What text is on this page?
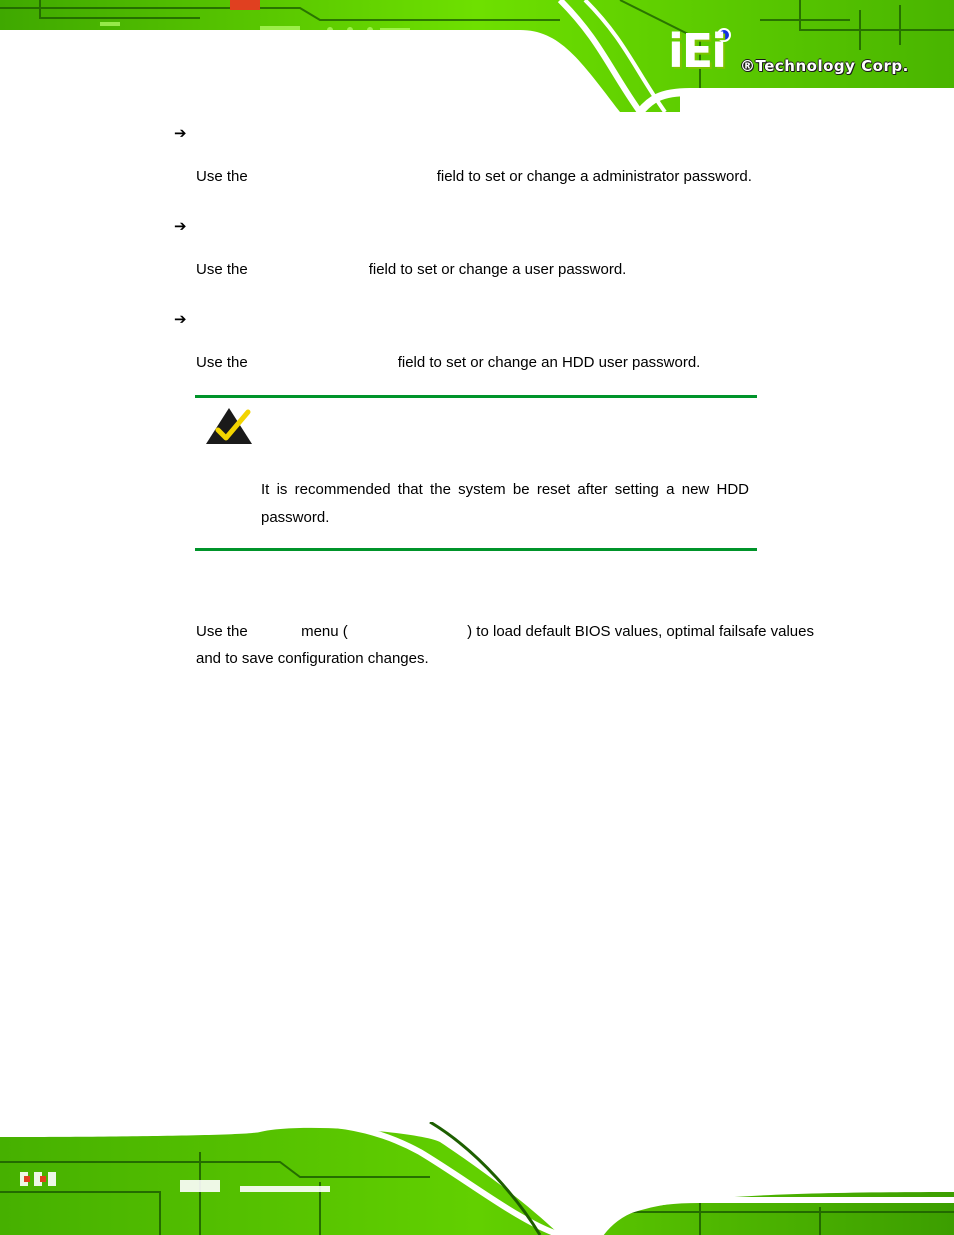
iEi ®Technology Corp.
➔
Use the	field to set or change a administrator password.
➔
Use the	field to set or change a user password.
➔
Use the	field to set or change an HDD user password.
It is recommended that the system be reset after setting a new HDD password.
Use the	menu (	) to load default BIOS values, optimal failsafe values
and to save configuration changes.
